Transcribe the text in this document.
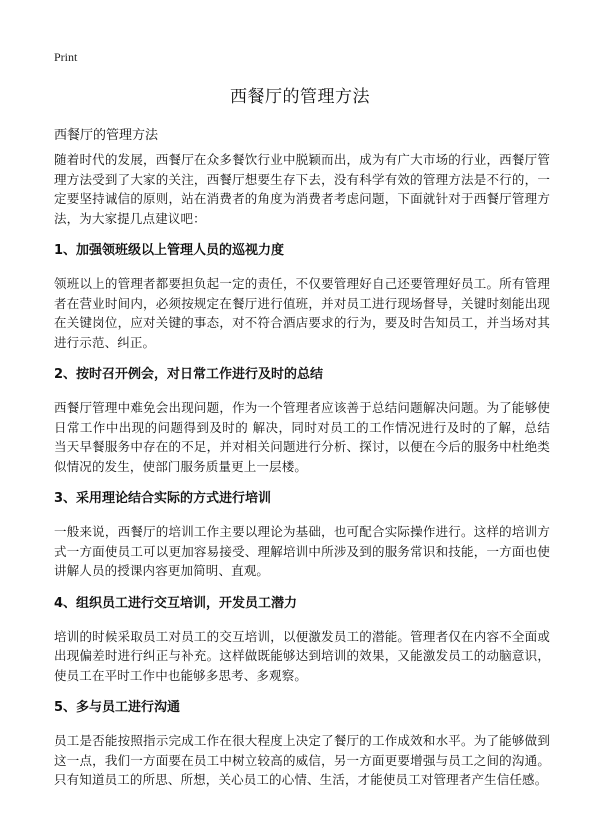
Print
西餐厅的管理方法

西餐厅的管理方法

随着时代的发展，西餐厅在众多餐饮行业中脱颖而出，成为有广大市场的行业，西餐厅管理方法受到了大家的关注，西餐厅想要生存下去，没有科学有效的管理方法是不行的，一定要坚持诚信的原则，站在消费者的角度为消费者考虑问题，下面就针对于西餐厅管理方法，为大家提几点建议吧：

1、加强领班级以上管理人员的巡视力度

领班以上的管理者都要担负起一定的责任，不仅要管理好自己还要管理好员工。所有管理者在营业时间内，必须按规定在餐厅进行值班，并对员工进行现场督导，关键时刻能出现在关键岗位，应对关键的事态，对不符合酒店要求的行为，要及时告知员工，并当场对其进行示范、纠正。

2、按时召开例会，对日常工作进行及时的总结

西餐厅管理中难免会出现问题，作为一个管理者应该善于总结问题解决问题。为了能够使日常工作中出现的问题得到及时的 解决，同时对员工的工作情况进行及时的了解，总结当天早餐服务中存在的不足，并对相关问题进行分析、探讨，以便在今后的服务中杜绝类似情况的发生，使部门服务质量更上一层楼。

3、采用理论结合实际的方式进行培训

一般来说，西餐厅的培训工作主要以理论为基础，也可配合实际操作进行。这样的培训方式一方面使员工可以更加容易接受、理解培训中所涉及到的服务常识和技能，一方面也使讲解人员的授课内容更加简明、直观。

4、组织员工进行交互培训，开发员工潜力

培训的时候采取员工对员工的交互培训，以便激发员工的潜能。管理者仅在内容不全面或出现偏差时进行纠正与补充。这样做既能够达到培训的效果，又能激发员工的动脑意识，使员工在平时工作中也能够多思考、多观察。

5、多与员工进行沟通

员工是否能按照指示完成工作在很大程度上决定了餐厅的工作成效和水平。为了能够做到这一点，我们一方面要在员工中树立较高的威信，另一方面更要增强与员工之间的沟通。只有知道员工的所思、所想，关心员工的心情、生活，才能使员工对管理者产生信任感。
